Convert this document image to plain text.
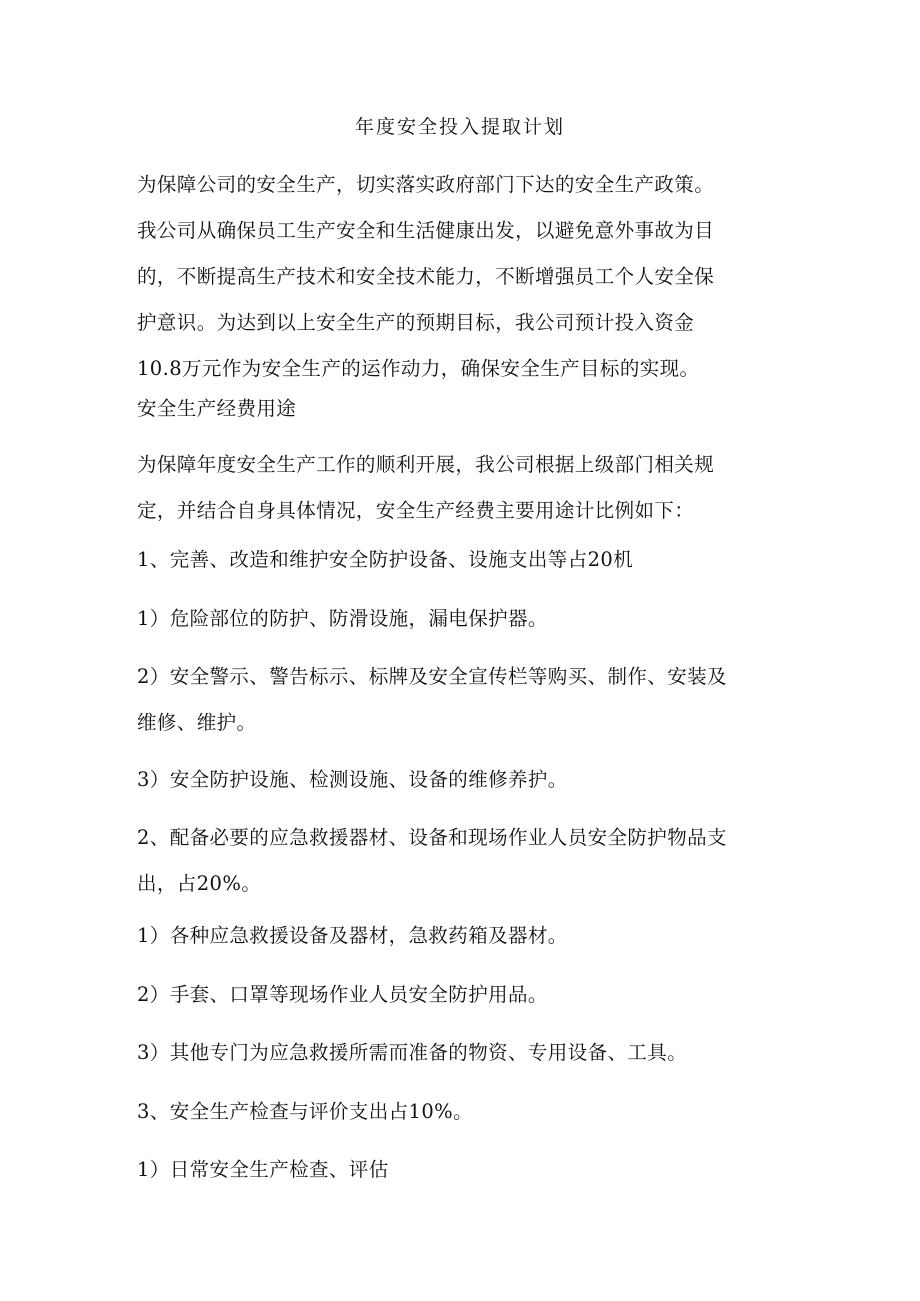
年度安全投入提取计划

为保障公司的安全生产，切实落实政府部门下达的安全生产政策。
我公司从确保员工生产安全和生活健康出发，以避免意外事故为目
的，不断提高生产技术和安全技术能力，不断增强员工个人安全保
护意识。为达到以上安全生产的预期目标，我公司预计投入资金
10.8万元作为安全生产的运作动力，确保安全生产目标的实现。

安全生产经费用途

为保障年度安全生产工作的顺利开展，我公司根据上级部门相关规
定，并结合自身具体情况，安全生产经费主要用途计比例如下：

1、完善、改造和维护安全防护设备、设施支出等占20机

1）危险部位的防护、防滑设施，漏电保护器。

2）安全警示、警告标示、标牌及安全宣传栏等购买、制作、安装及
维修、维护。

3）安全防护设施、检测设施、设备的维修养护。

2、配备必要的应急救援器材、设备和现场作业人员安全防护物品支
出，占20%。

1）各种应急救援设备及器材，急救药箱及器材。

2）手套、口罩等现场作业人员安全防护用品。

3）其他专门为应急救援所需而准备的物资、专用设备、工具。

3、安全生产检查与评价支出占10%。

1）日常安全生产检查、评估
